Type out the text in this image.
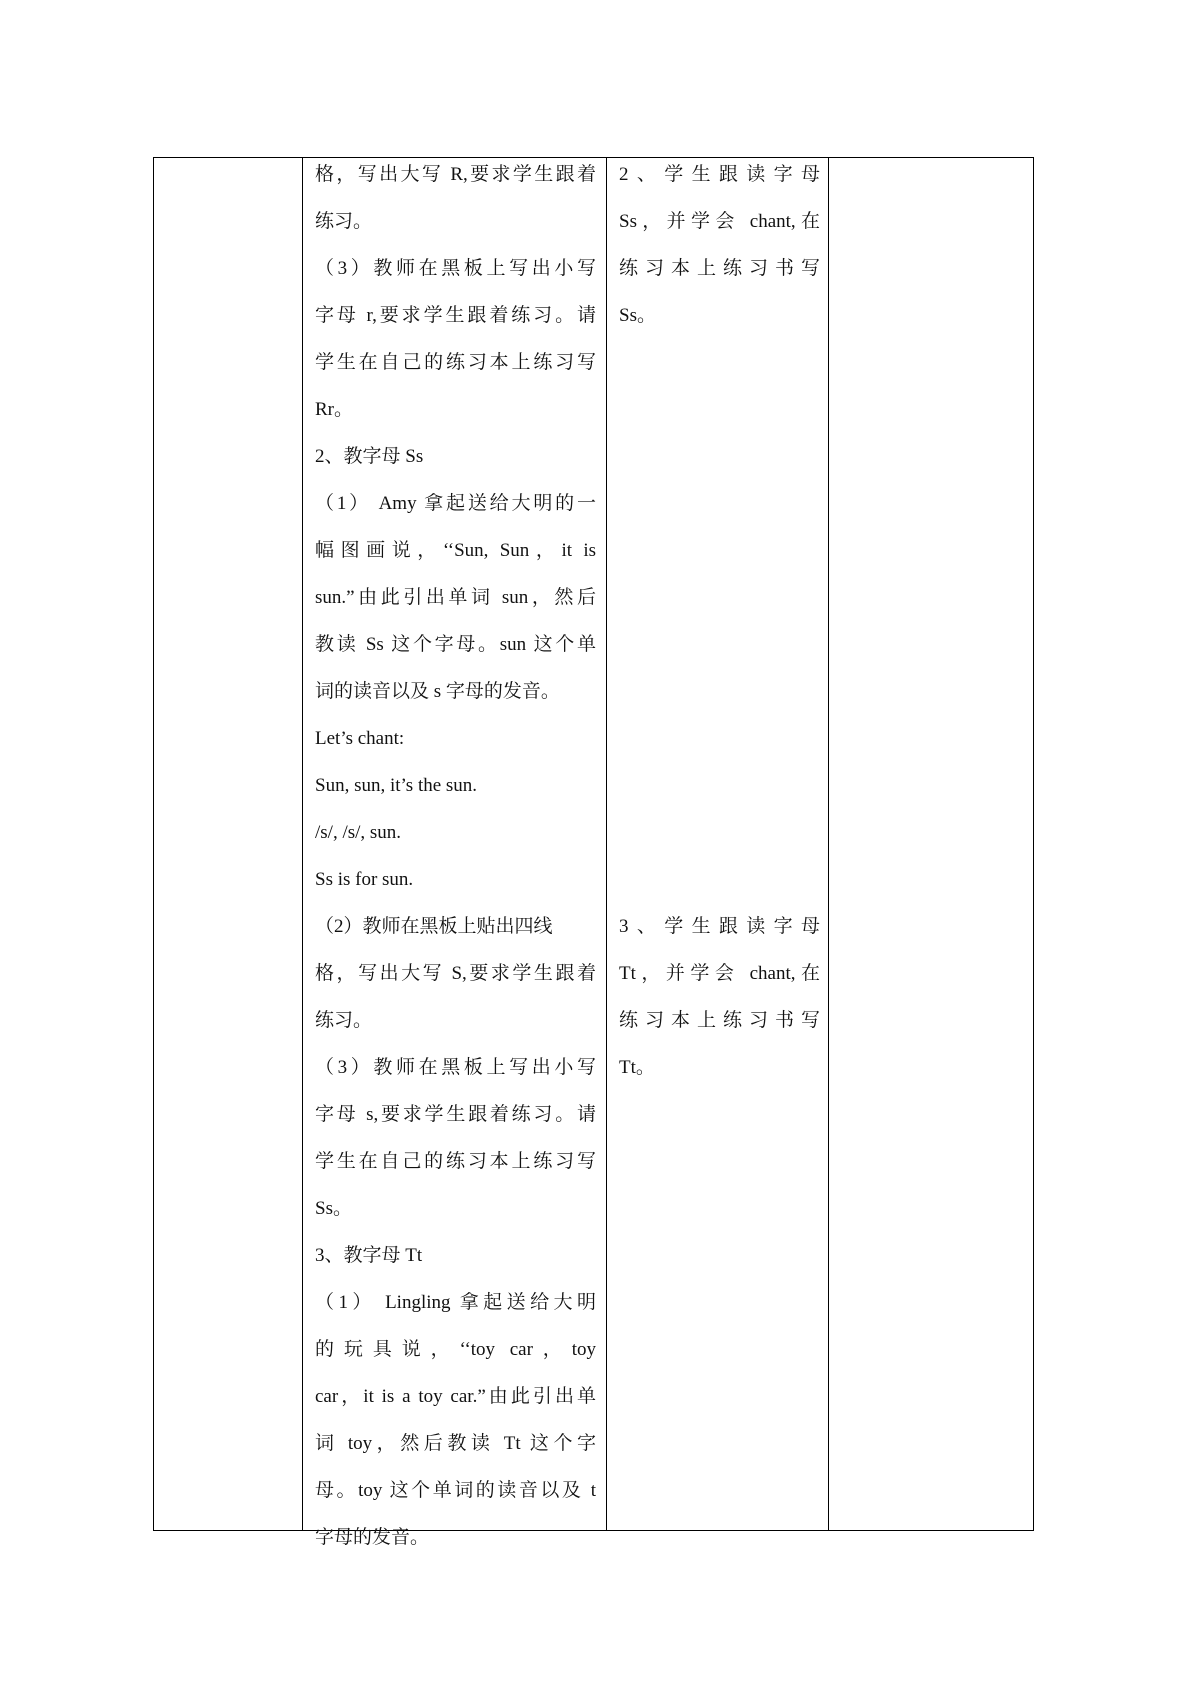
格，写出大写 R,要求学生跟着

练习。

（3）教师在黑板上写出小写

字母 r,要求学生跟着练习。请

学生在自己的练习本上练习写

Rr。

2、教字母 Ss

（1） Amy 拿起送给大明的一

幅图画说，‘‘Sun, Sun，it is

sun.”由此引出单词 sun，然后

教读 Ss 这个字母。sun 这个单

词的读音以及 s 字母的发音。

Let’s chant:

Sun, sun, it’s the sun.

/s/, /s/, sun.

Ss is for sun.

（2）教师在黑板上贴出四线

格，写出大写 S,要求学生跟着

练习。

（3）教师在黑板上写出小写

字母 s,要求学生跟着练习。请

学生在自己的练习本上练习写

Ss。

3、教字母 Tt

（1） Lingling 拿起送给大明

的玩具说，‘‘toy car，toy

car，it is a toy car.”由此引出单

词 toy，然后教读 Tt 这个字

母。toy 这个单词的读音以及 t

字母的发音。

2、学生跟读字母

Ss，并学会 chant,在

练习本上练习书写

Ss。

3、学生跟读字母

Tt，并学会 chant,在

练习本上练习书写

Tt。
